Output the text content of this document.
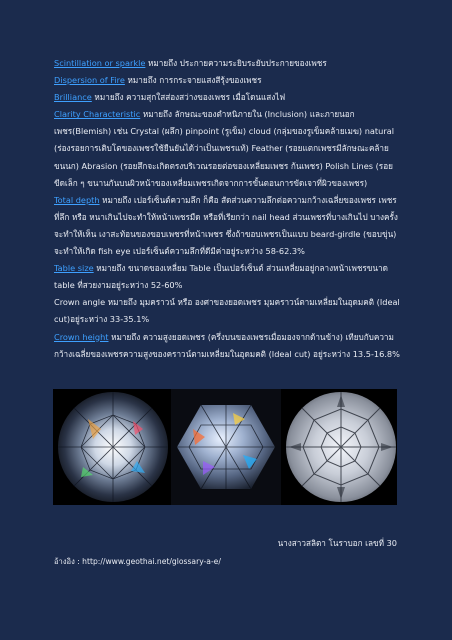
Scintillation or sparkle หมายถึง ประกายความระยิบระยับประกายของเพชร

Dispersion of Fire หมายถึง การกระจายแสงสีรุ้งของเพชร

Brilliance หมายถึง ความสุกใสส่องสว่างของเพชร เมื่อโดนแสงไฟ

Clarity Characteristic หมายถึง ลักษณะของตำหนิภายใน (Inclusion) และภายนอกเพชร(Blemish) เช่น Crystal (ผลึก) pinpoint (รูเข็ม) cloud (กลุ่มของรูเข็มคล้ายเมฆ) natural (ร่องรอยการเติบโตของเพชรใช้ยืนยันได้ว่าเป็นเพชรแท้) Feather (รอยแตกเพชรมีลักษณะคล้ายขนนก) Abrasion (รอยสึกจะเกิดตรงบริเวณรอยต่อของเหลี่ยมเพชร ก้นเพชร) Polish Lines (รอยขีดเล็ก ๆ ขนานกันบนผิวหน้าของเหลี่ยมเพชรเกิดจากการขั้นตอนการขัดเจาที่ผิวของเพชร)

Total depth หมายถึง เปอร์เซ็นต์ความลึก ก็คือ สัดส่วนความลึกต่อความกว้างเฉลี่ยของเพชร เพชรที่ลึก หรือ หนาเกินไปจะทำให้หน้าเพชรมืด หรือที่เรียกว่า nail head ส่วนเพชรที่บางเกินไป บางครั้งจะทำให้เห็น เงาสะท้อนของขอบเพชรที่หน้าเพชร ซึ่งถ้าขอบเพชรเป็นแบบ beard-girdle (ขอบขุ่น) จะทำให้เกิด fish eye เปอร์เซ็นต์ความลึกที่ดีมีค่าอยู่ระหว่าง 58-62.3%

Table size หมายถึง ขนาดของเหลี่ยม Table เป็นเปอร์เซ็นต์ ส่วนเหลี่ยมอยู่กลางหน้าเพชรขนาด table ที่สวยงามอยู่ระหว่าง 52-60%

Crown angle หมายถึง มุมคราวน์ หรือ องศาของยอดเพชร มุมคราวน์ตามเหลี่ยมในอุดมคติ (Ideal cut)อยู่ระหว่าง 33-35.1%

Crown height หมายถึง ความสูงยอดเพชร (ครึ่งบนของเพชรเมื่อมองจากด้านข้าง) เทียบกับความกว้างเฉลี่ยของเพชรความสูงของคราวน์ตามเหลี่ยมในอุดมคติ (Ideal cut) อยู่ระหว่าง 13.5-16.8%

นางสาวสลิตา โนราบอก เลขที่ 30
อ้างอิง : http://www.geothai.net/glossary-a-e/
